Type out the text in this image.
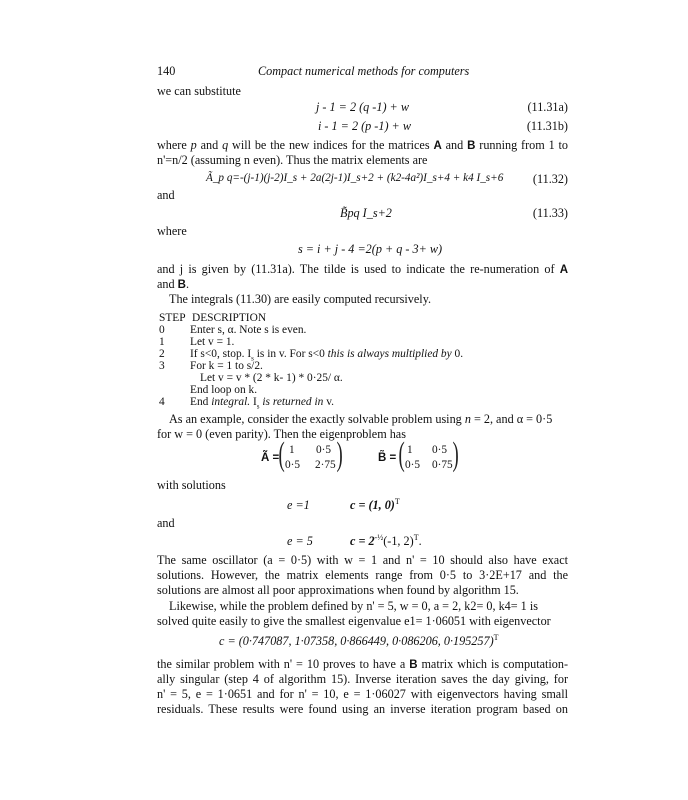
140	Compact numerical methods for computers
we can substitute
j - 1 = 2 (q -1) + w	(11.31a)
i - 1 = 2 (p -1) + w	(11.31b)
where p and q will be the new indices for the matrices A and B running from 1 to
n'=n/2 (assuming n even). Thus the matrix elements are
Ã_p q=-(j-1)(j-2)I_s + 2a(2j-1)I_s+2 + (k2-4a²)I_s+4 + k4 I_s+6	(11.32)
and
B̃pq I_s+2	(11.33)
where
s = i + j - 4 =2(p + q - 3+ w)
and j is given by (11.31a). The tilde is used to indicate the re-numeration of A
and B.
The integrals (11.30) are easily computed recursively.
STEP DESCRIPTION
0 Enter s, α. Note s is even.
1 Let v = 1.
2 If s<0, stop. $I_s$ is in v. For s<0 this is always multiplied by 0.
3 For k = 1 to s/2.
Let v = v * (2 * k- 1) * 0·25/ α.
End loop on k.
4 End integral. $I_s$ is returned in v.
As an example, consider the exactly solvable problem using n = 2, and α = 0·5
for w = 0 (even parity). Then the eigenproblem has
Ã = ( 1 0·5
0·5 2·75 )	B̃ = ( 1 0·5
0·5 0·75 )
with solutions
e =1	c = (1, 0)$^T$
and
e = 5	$c = 2^{-\frac{1}{2}}(-1$, 2)$^T$.
The same oscillator (a = 0·5) with w = 1 and n' = 10 should also have exact
solutions. However, the matrix elements range from 0·5 to 3·2E+17 and the
solutions are almost all poor approximations when found by algorithm 15.
Likewise, while the problem defined by n' = 5, w = 0, a = 2, k2= 0, k4= 1 is
solved quite easily to give the smallest eigenvalue e1= 1·06051 with eigenvector
c = (0·747087, 1·07358, 0·866449, 0·086206, 0·195257)$^T$
the similar problem with n' = 10 proves to have a B matrix which is computation-
ally singular (step 4 of algorithm 15). Inverse iteration saves the day giving, for
n' = 5, e = 1·0651 and for n' = 10, e = 1·06027 with eigenvectors having small
residuals. These results were found using an inverse iteration program based on
